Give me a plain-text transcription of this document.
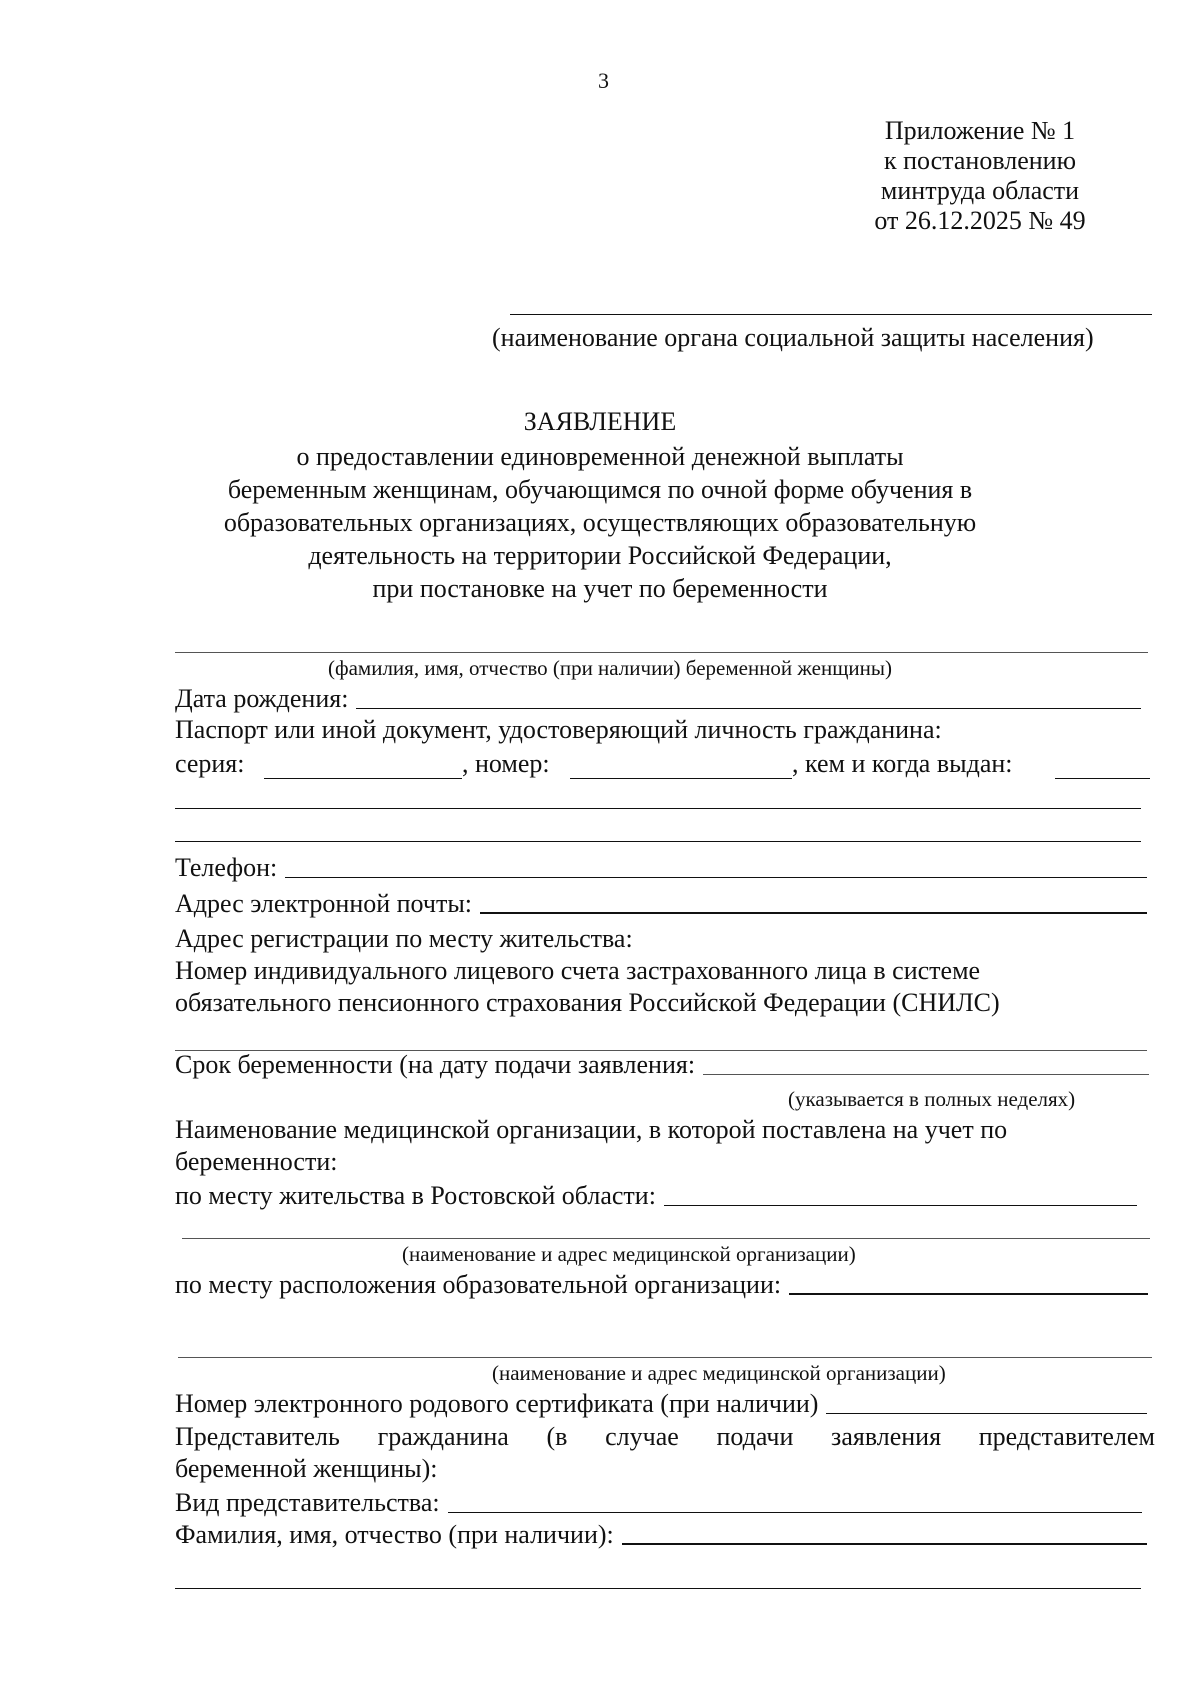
3
Приложение № 1
к постановлению
минтруда области
от 26.12.2025 № 49
(наименование органа социальной защиты населения)
ЗАЯВЛЕНИЕ
о предоставлении единовременной денежной выплаты
беременным женщинам, обучающимся по очной форме обучения в
образовательных организациях, осуществляющих образовательную
деятельность на территории Российской Федерации,
при постановке на учет по беременности
(фамилия, имя, отчество (при наличии) беременной женщины)
Дата рождения:
Паспорт или иной документ, удостоверяющий личность гражданина:
серия:	, номер:	, кем и когда выдан:
Телефон:
Адрес электронной почты:
Адрес регистрации по месту жительства:
Номер индивидуального лицевого счета застрахованного лица в системе
обязательного пенсионного страхования Российской Федерации (СНИЛС)
Срок беременности (на дату подачи заявления:
(указывается в полных неделях)
Наименование медицинской организации, в которой поставлена на учет по
беременности:
по месту жительства в Ростовской области:
(наименование и адрес медицинской организации)
по месту расположения образовательной организации:
(наименование и адрес медицинской организации)
Номер электронного родового сертификата (при наличии)
Представитель гражданина (в случае подачи заявления представителем
беременной женщины):
Вид представительства:
Фамилия, имя, отчество (при наличии):
